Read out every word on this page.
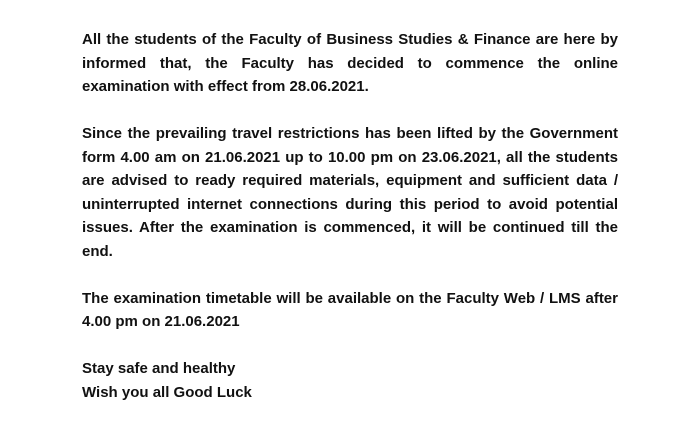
All the students of the Faculty of Business Studies & Finance are here by informed that, the Faculty has decided to commence the online examination with effect from 28.06.2021.

Since the prevailing travel restrictions has been lifted by the Government form 4.00 am on 21.06.2021 up to 10.00 pm on 23.06.2021, all the students are advised to ready required materials, equipment and sufficient data / uninterrupted internet connections during this period to avoid potential issues. After the examination is commenced, it will be continued till the end.

The examination timetable will be available on the Faculty Web / LMS after 4.00 pm on 21.06.2021

Stay safe and healthy
Wish you all Good Luck
